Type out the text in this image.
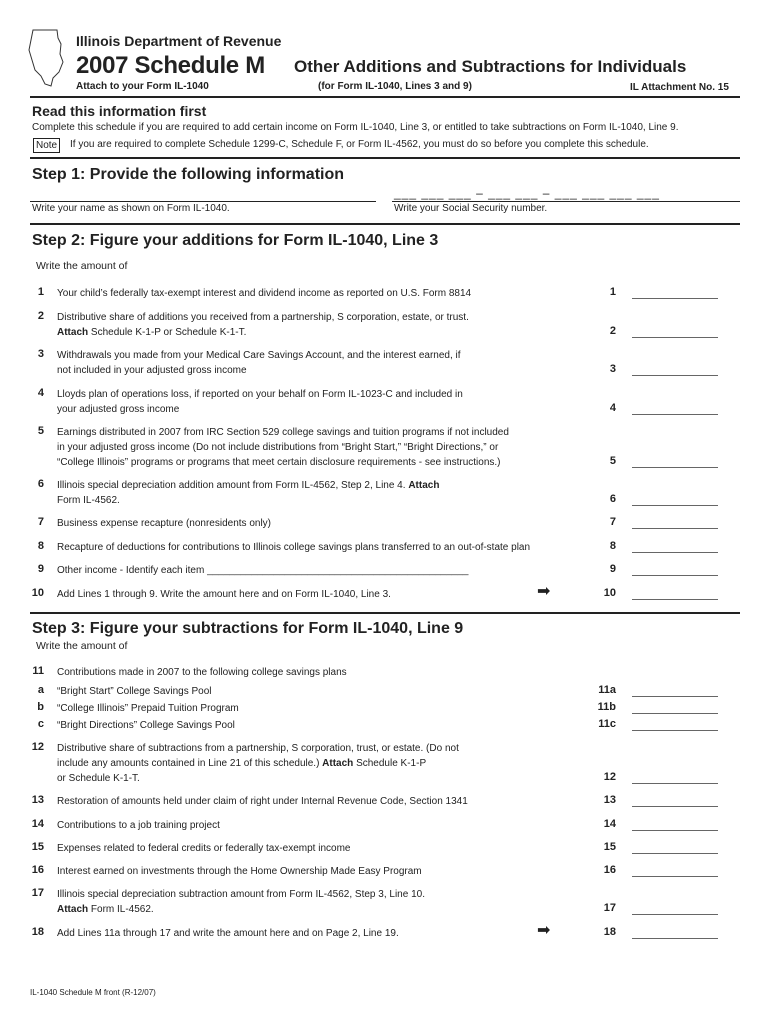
Illinois Department of Revenue
2007 Schedule M Other Additions and Subtractions for Individuals
Attach to your Form IL-1040	(for Form IL-1040, Lines 3 and 9)	IL Attachment No. 15
Read this information first
Complete this schedule if you are required to add certain income on Form IL-1040, Line 3, or entitled to take subtractions on Form IL-1040, Line 9.
Note	If you are required to complete Schedule 1299-C, Schedule F, or Form IL-4562, you must do so before you complete this schedule.
Step 1: Provide the following information
___ ___ ___ – ___ ___ – ___ ___ ___ ___
Write your name as shown on Form IL-1040.	Write your Social Security number.
Step 2: Figure your additions for Form IL-1040, Line 3
Write the amount of
1 Your child’s federally tax-exempt interest and dividend income as reported on U.S. Form 8814	1
2 Distributive share of additions you received from a partnership, S corporation, estate, or trust.
Attach Schedule K-1-P or Schedule K-1-T.	2
3 Withdrawals you made from your Medical Care Savings Account, and the interest earned, if
not included in your adjusted gross income	3
4 Lloyds plan of operations loss, if reported on your behalf on Form IL-1023-C and included in
your adjusted gross income	4
5 Earnings distributed in 2007 from IRC Section 529 college savings and tuition programs if not included
in your adjusted gross income (Do not include distributions from “Bright Start,” “Bright Directions,” or
“College Illinois” programs or programs that meet certain disclosure requirements - see instructions.)	5
6 Illinois special depreciation addition amount from Form IL-4562, Step 2, Line 4. Attach
Form IL-4562.	6
7 Business expense recapture (nonresidents only)	7
8 Recapture of deductions for contributions to Illinois college savings plans transferred to an out-of-state plan	8
9 Other income - Identify each item _______________________________________________	9
10 Add Lines 1 through 9. Write the amount here and on Form IL-1040, Line 3.	➡	10
Step 3: Figure your subtractions for Form IL-1040, Line 9
Write the amount of
11 Contributions made in 2007 to the following college savings plans
a “Bright Start” College Savings Pool	11a
b “College Illinois” Prepaid Tuition Program	11b
c “Bright Directions” College Savings Pool	11c
12 Distributive share of subtractions from a partnership, S corporation, trust, or estate. (Do not
include any amounts contained in Line 21 of this schedule.) Attach Schedule K-1-P
or Schedule K-1-T.	12
13 Restoration of amounts held under claim of right under Internal Revenue Code, Section 1341	13
14 Contributions to a job training project	14
15 Expenses related to federal credits or federally tax-exempt income	15
16 Interest earned on investments through the Home Ownership Made Easy Program	16
17 Illinois special depreciation subtraction amount from Form IL-4562, Step 3, Line 10.
Attach Form IL-4562.	17
18 Add Lines 11a through 17 and write the amount here and on Page 2, Line 19.	➡	18
IL-1040 Schedule M front (R-12/07)
